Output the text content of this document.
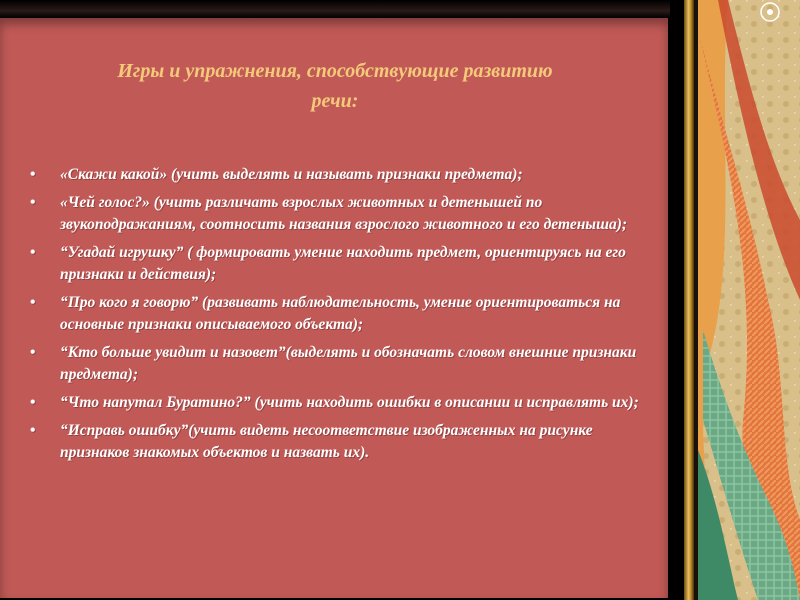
Игры и упражнения, способствующие развитию
речи:
•	«Скажи какой» (учить выделять и называть признаки предмета);
•	«Чей голос?» (учить различать взрослых животных и детенышей по звукоподражаниям, соотносить названия взрослого животного и его детеныша);
•	“Угадай игрушку” ( формировать умение находить предмет, ориентируясь на его признаки и действия);
•	“Про кого я говорю” (развивать наблюдательность, умение ориентироваться на основные признаки описываемого объекта);
•	“Кто больше увидит и назовет”(выделять и обозначать словом внешние признаки предмета);
•	“Что напутал Буратино?” (учить находить ошибки в описании и исправлять их);
•	“Исправь ошибку”(учить видеть несоответствие изображенных на рисунке признаков знакомых объектов и назвать их).
